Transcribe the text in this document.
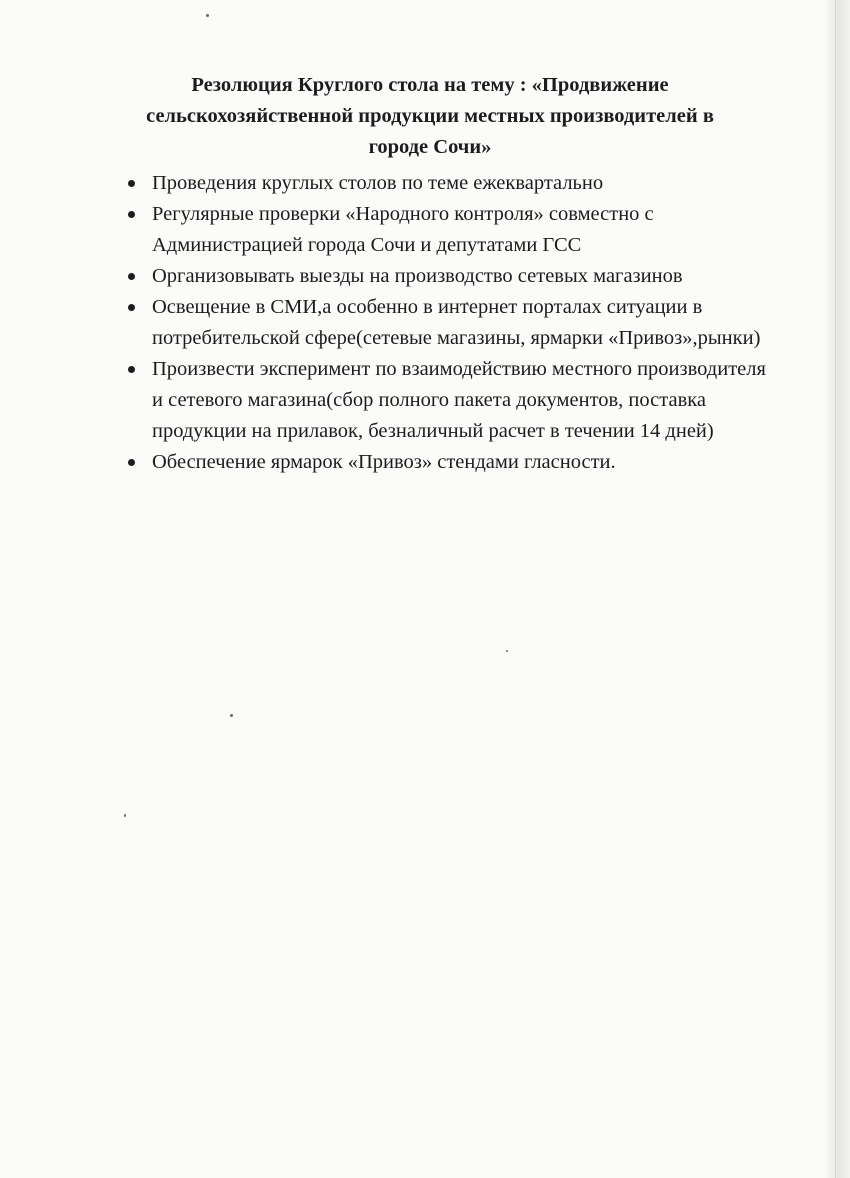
Резолюция Круглого стола на тему : «Продвижение
сельскохозяйственной продукции местных производителей в
городе Сочи»
Проведения круглых столов по теме ежеквартально
Регулярные проверки «Народного контроля» совместно с Администрацией города Сочи и депутатами ГСС
Организовывать выезды на производство сетевых магазинов
Освещение в СМИ,а особенно в интернет порталах ситуации в потребительской сфере(сетевые магазины, ярмарки «Привоз»,рынки)
Произвести эксперимент по взаимодействию местного производителя и сетевого магазина(сбор полного пакета документов, поставка продукции на прилавок, безналичный расчет в течении 14 дней)
Обеспечение ярмарок «Привоз» стендами гласности.
